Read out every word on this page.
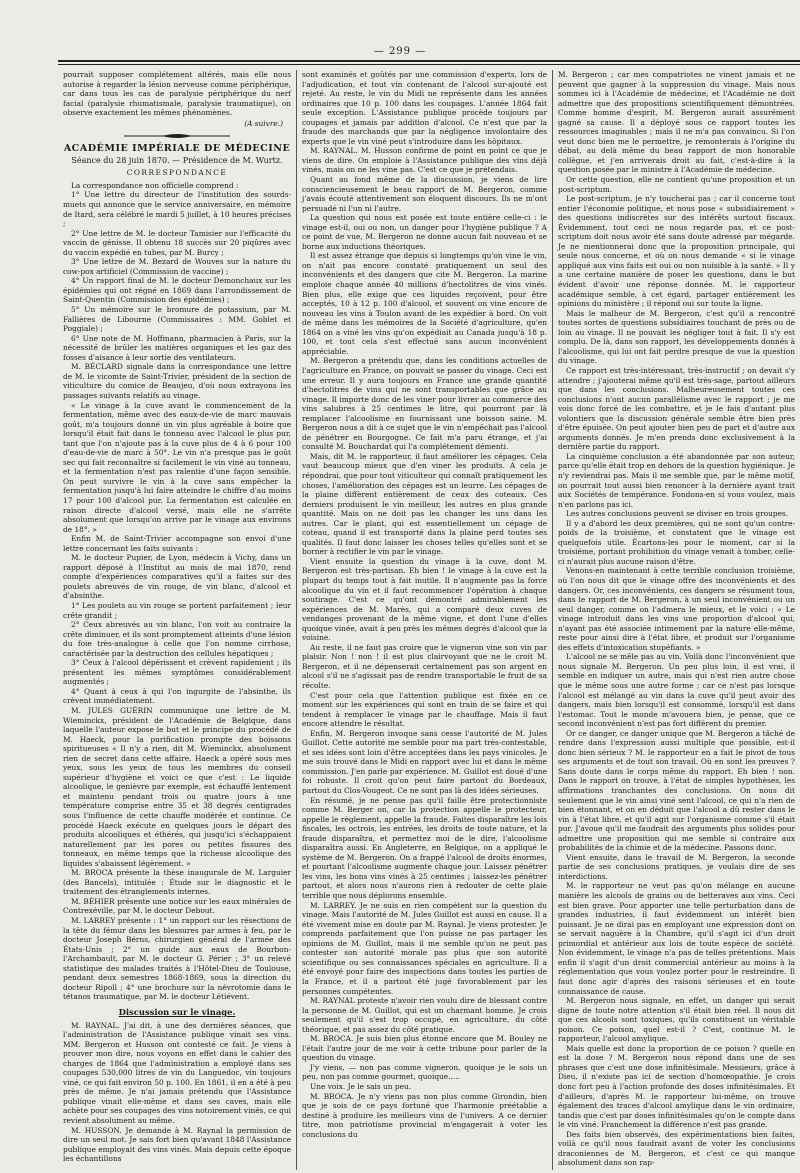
— 299 —

pourrait supposer complétement altérés, mais elle nous autorise à regarder la lésion nerveuse comme périphérique, car dans tous les cas de paralysie périphérique du nerf facial (paralysie rhumatismale, paralysie traumatique), on observe exactement les mêmes phénomènes.

(A suivre.)
ACADÉMIE IMPÉRIALE DE MÉDECINE
Séance du 28 juin 1870. — Présidence de M. Wurtz.
CORRESPONDANCE

La correspondance non officielle comprend :

1° Une lettre du directeur de l'institution des sourds-muets qui annonce que le service anniversaire, en mémoire de Itard, sera célébré le mardi 5 juillet, à 10 heures précises ;

2° Une lettre de M. le docteur Tamisier sur l'efficacité du vaccin de génisse. Il obtenu 18 succès sur 20 piqûres avec du vaccin expédié en tubes, par M. Burcy ;

3° Une lettre de M. Bezard de Wouves sur la nature du cow-pox artificiel (Commission de vaccine) ;

4° Un rapport final de M. le docteur Demonchaux sur les épidémies qui ont régné en 1869 dans l'arrondissement de Saint-Quentin (Commission des épidémies) ;

5° Un mémoire sur le bromure de potassium, par M. Fallières de Libourne (Commissaires : MM. Goblet et Poggiale) ;

6° Une note de M. Hoffmann, pharmacien à Paris, sur la nécessité de brûler les matières organiques et les gaz des fosses d'aisance à leur sortie des ventilateurs.

M. BÉCLARD signale dans la correspondance une lettre de M. le vicomte de Saint-Trivier, président de la section de viticulture du comice de Beaujeu, d'où nous extrayons les passages suivants relatifs au vinage.

« Le vinage à la cuve avant le commencement de la fermentation, même avec des eaux-de-vie de marc mauvais goût, m'a toujours donné un vin plus agréable à boire que lorsqu'il était fait dans le tonneau avec l'alcool le plus pur, tant que l'on n'ajoute pas à la cuve plus de 4 à 6 pour 100 d'eau-de-vie de marc à 50°. Le vin n'a presque pas le goût sec qui fait reconnaître si facilement le vin viné au tonneau, et la fermentation n'est pas ralentie d'une façon sensible. On peut survivre le vin à la cuve sans empêcher la fermentation jusqu'à lui faire atteindre le chiffre d'au moins 17 pour 100 d'alcool pur. La fermentation est calculée en raison directe d'alcool versé, mais elle ne s'arrête absolument que lorsqu'on arrive par le vinage aux environs de 18°. »

Enfin M. de Saint-Trivier accompagne son envoi d'une lettre concernant les faits suivants :

M. le docteur Pupier, de Lyon, médecin à Vichy, dans un rapport déposé à l'Institut au mois de mai 1870, rend compte d'expériences comparatives qu'il a faites sur des poulets abreuvés de vin rouge, de vin blanc, d'alcool et d'absinthe.

1° Les poulets au vin rouge se portent parfaitement ; leur crête grandit ;

2° Ceux abreuvés au vin blanc, l'on voit au contraire la crête diminuer, et ils sont promptement atteints d'une lésion du foie très-analogue à celle que l'on nomme cirrhose, caractérisée par la destruction des cellules hépatiques ;

3° Ceux à l'alcool dépérissent et crèvent rapidement ; ils présentent les mêmes symptômes considérablement augmentés ;

4° Quant à ceux à qui l'on ingurgite de l'absinthe, ils crèvent immédiatement.

M. JULES GUÉRIN communique une lettre de M. Wieminckx, président de l'Académie de Belgique, dans laquelle l'auteur expose le but et le principe du procédé de M. Haeck, pour la purification prompte des boissons spiritueuses « Il n'y a rien, dit M. Wieminckx, absolument rien de secret dans cette affaire. Haeck a opéré sous mes yeux, sous les yeux de tous les membres du conseil supérieur d'hygiène et voici ce que c'est : Le liquide alcoolique, le genièvre par exemple, est échauffé lentement et maintenu pendant trois ou quatre jours à une température comprise entre 35 et 38 degrés centigrades sous l'influence de cette chauffe modérée et continue. Ce procédé Haeck exécute en quelques jours le départ des produits alcooliques et éthérés, qui jusqu'ici s'échappaient naturellement par les pores ou petites fissures des tonneaux, en même temps que la richesse alcoolique des liquides s'abaissent légèrement. »

M. BROCA présente la thèse inaugurale de M. Larguier (des Bancels), intitulée : Étude sur le diagnostic et le traitement des étranglements internes.

M. BÉHIER présente une notice sur les eaux minérales de Contrexéville, par M. le docteur Debout.

M. LARREY présente : 1° un rapport sur les résections de la tête du fémur dans les blessures par armes à feu, par le docteur Joseph Bérns, chirurgien général de l'armée des États-Unis ; 2° un guide aux eaux de Bourbon-l'Archambault, par M. le docteur G. Périer ; 3° un relevé statistique des malades traités à l'Hôtel-Dieu de Toulouse, pendant deux semestres 1868-1869, sous la direction du docteur Ripoll ; 4° une brochure sur la névrotomie dans le tétanos traumatique, par M. le docteur Létiévent.

Discussion sur le vinage.

M. RAYNAL. J'ai dit, à une des dernières séances, que l'administration de l'Assistance publique vinait ses vins. MM. Bergeron et Husson ont contesté ce fait. Je viens à prouver mon dire, nous voyons en effet dans le cahier des charges de 1864 que l'administration a employé dans ses coupages 530,000 litres de vin du Languedoc, vin toujours viné, ce qui fait environ 50 p. 100. En 1861, il en a été à peu près de même. Je n'ai jamais prétendu que l'Assistance publique vinait elle-même et dans ses caves, mais elle achète pour ses coupages des vins notoirement vinés, ce qui revient absolument au même.

M. HUSSON. Je demande à M. Raynal la permission de dire un seul mot. Je sais fort bien qu'avant 1848 l'Assistance publique employait des vins vinés. Mais depuis cette époque les échantillons

sont examinés et goûtés par une commission d'experts, lors de l'adjudication, et tout vin contenant de l'alcool sur-ajouté est rejeté. Au reste, le vin du Midi ne représente dans les années ordinaires que 10 p. 100 dans les coupages. L'année 1864 fait seule exception. L'Assistance publique procède toujours par coupages et jamais par addition d'alcool. Ce n'est que par la fraude des marchands que par la négligence involontaire des experts que le vin viné peut s'introduire dans les hôpitaux.

M. RAYNAL. M. Husson confirme de point en point ce que je viens de dire. On emploie à l'Assistance publique des vins déjà vinés, mais on ne les vine pas. C'est ce que je prétendais.

Quant au fond même de la discussion, je viens de lire consciencieusement le beau rapport de M. Bergeron, comme j'avais écouté attentivement son éloquent discours. Ils ne m'ont persuadé ni l'un ni l'autre.

La question qui nous est posée est toute entière celle-ci : le vinage est-il, oui ou non, un danger pour l'hygiène publique ? A ce point de vue, M. Bergeron ne donne aucun fait nouveau et se borne aux inductions théoriques.

Il est assez étrange que depuis si longtemps qu'on vine le vin, on n'ait pas encore constaté pratiquement un seul des inconvénients et des dangers que cite M. Bergeron. La marine emploie chaque année 40 millions d'hectolitres de vins vinés. Bien plus, elle exige que ces liquides reçoivent, pour être acceptés, 10 à 12 p. 100 d'alcool, et souvent on vine encore de nouveau les vins à Toulon avant de les expédier à bord. On voit de même dans les mémoires de la Société d'agriculture, qu'en 1864 on a viné les vins qu'on expédiait au Canada jusqu'à 18 p. 100, et tout cela s'est effectué sans aucun inconvénient appréciable.

M. Bergeron a prétendu que, dans les conditions actuelles de l'agriculture en France, on pouvait se passer du vinage. Ceci est une erreur. Il y aura toujours en France une grande quantité d'hectolitres de vins qui ne sont transportables que grâce au vinage. Il importe donc de les viner pour livrer au commerce des vins salubres à 25 centimes le litre, qui pourront par là remplacer l'alcoolisme en fournissant une boisson saine. M. Bergeron nous a dit à ce sujet que le vin n'empêchait pas l'alcool de pénétrer en Bourgogne. Ce fait m'a paru étrange, et j'ai consulté M. Bouchardat qui l'a complétement démenti.

Mais, dit M. le rapporteur, il faut améliorer les cépages. Cela vaut beaucoup mieux que d'en viner les produits. A cela je répondrai, que pour tout viticulteur qui connaît pratiquement les choses, l'amélioration des cépages est un leurre. Les cépages de la plaine diffèrent entièrement de ceux des coteaux. Ces derniers produisent le vin meilleur, les autres en plus grande quantité. Mais on ne doit pas les changer les uns dans les autres. Car le plant, qui est essentiellement un cépage de coteau, quand il est transporté dans la plaine perd toutes ses qualités. Il faut donc laisser les choses telles qu'elles sont et se borner à rectifier le vin par le vinage.

Vient ensuite la question du vinage à la cuve, dont M. Bergeron est très-partisan. Eh bien ! le vinage à la cuve est la plupart du temps tout à fait inutile. Il n'augmente pas la force alcoolique du vin et il faut recommencer l'opération à chaque soutirage. C'est ce qu'ont démontré admirablement les expériences de M. Marès, qui a comparé deux cuves de vendanges provenant de la même vigne, et dont l'une d'elles quoique vinée, avait à peu près les mêmes degrés d'alcool que la voisine.

Au reste, il ne faut pas croire que le vigneron vine son vin par plaisir. Non ! non ! il est plus clairvoyant que ne le croit M. Bergeron, et il ne dépenserait certainement pas son argent en alcool s'il ne s'agissait pas de rendre transportable le fruit de sa récolte.

C'est pour cela que l'attention publique est fixée en ce moment sur les expériences qui sont en train de se faire et qui tendent à remplacer le vinage par le chauffage. Mais il faut encore attendre le résultat.

Enfin, M. Bergeron invoque sans cesse l'autorité de M. Jules Guillot. Cette autorité me semble pour ma part très-contestable, et ses idées sont loin d'être acceptées dans les pays vinicoles. Je me suis trouvé dans le Midi en rapport avec lui et dans le même commission. J'en parle par expérience. M. Guillot est doué d'une foi robuste. Il croit qu'on peut faire partout du Bordeaux, partout du Clos-Vougeot. Ce ne sont pas là des idées sérieuses.

En résumé, je ne pense pas qu'il faille être protectionniste comme M. Berger on, car la protection appelle le protecteur, appelle le règlement, appelle la fraude. Faites disparaître les lois fiscales, les octrois, les entrées, les droits de toute nature, et la fraude disparaîtra, et permettez moi de le dire, l'alcoolisme disparaîtra aussi. En Angleterre, en Belgique, on a appliqué le système de M. Bergeron. On a frappé l'alcool de droits énormes, et pourtant l'alcoolisme augmente chaque jour. Laissez pénétrer les vins, les bons vins vinés à 25 centimes ; laissez-les pénétrer partout, et alors nous n'aurons rien à redouter de cette plaie terrible que nous déplorons ensemble.

M. LARREY. Je ne suis en rien compétent sur la question du vinage. Mais l'autorité de M. Jules Guillot est aussi en cause. Il a été vivement mise en doute par M. Raynal. Je viens protester. Je comprends parfaitement que l'on puisse ne pas partager les opinions de M. Guillot, mais il me semble qu'on ne peut pas contester son autorité morale pas plus que son autorité scientifique ou ses connaissances spéciales en agriculture. Il a été envoyé pour faire des inspections dans toutes les parties de la France, et il a partout été jugé favorablement par les personnes compétentes.

M. RAYNAL proteste n'avoir rien voulu dire de blessant contre la personne de M. Guillot, qui est un charmant homme. Je crois seulement qu'il s'est trop occupé, en agriculture, du côté théorique, et pas assez du côté pratique.

M. BROCA. Je suis bien plus étonné encore que M. Bouley ne l'était l'autre jour de me voir à cette tribune pour parler de la question du vinage.

J'y viens, — non pas comme vigneron, quoique je le sois un peu, non pas comme gourmet, quoique.....

Une voix. Je le sais un peu.

M. BROCA. Je n'y viens pas non plus comme Girondin, bien que je sois de ce pays fortuné que l'harmonie préétablie a destiné à produire les meilleurs vins de l'univers. A ce dernier titre, mon patriotisme provincial m'engagerait à voter les conclusions du

M. Bergeron ; car mes compatriotes ne vinent jamais et ne peuvent que gagner à la suppression du vinage. Mais nous sommes ici à l'Académie de médecine, et l'Académie ne doit admettre que des propositions scientifiquement démontrées. Comme homme d'esprit, M. Bergeron aurait assurément gagné sa cause. Il a déployé sous ce rapport toutes les ressources imaginables ; mais il ne m'a pas convaincu. Si l'on veut donc bien me le permettre, je remonterais à l'origine du débat, au delà même du beau rapport de mon honorable collègue, et j'en arriverais droit au fait, c'est-à-dire à la question posée par le ministre à l'Académie de médecine.

Or cette question, elle ne contient qu'une proposition et un post-scriptum.

Le post-scriptum, je n'y toucherai pas ; car il concerne tout entier l'économie politique, et nous pose « subsidiairement » des questions indiscrètes sur des intérêts surtout fiscaux. Évidemment, tout ceci ne nous regarde pas, et ce post-scriptum doit nous avoir été sans doute adressé par mégarde. Je ne mentionnerai donc que la proposition principale, qui seule nous concerne, et où on nous demande « si le vinage appliqué aux vins faits est oui ou non nuisible à la santé. » Il y a une certaine manière de poser les questions, dans le but évident d'avoir une réponse donnée. M. le rapporteur académique semble, à cet égard, partager entièrement les opinions du ministère ; il répond oui sur toute la ligne.

Mais le malheur de M. Bergeron, c'est qu'il a rencontré toutes sortes de questions subsidiaires touchant de près ou de loin au vinage. Il ne pouvait les négliger tout à fait. Il s'y est complu. De là, dans son rapport, les développements donnés à l'alcoolisme, qui lui ont fait perdre presque de vue la question du vinage.

Ce rapport est très-intéressant, très-instructif ; on devait s'y attendre ; j'ajouterai même qu'il est très-sage, partout ailleurs que dans les conclusions. Malheureusement toutes ces conclusions n'ont aucun parallélisme avec le rapport ; je me vois donc forcé de les combattre, et je le fais d'autant plus volontiers que la discussion générale semble être bien près d'être épuisée. On peut ajouter bien peu de part et d'autre aux arguments donnés. Je m'en prends donc exclusivement à la dernière partie du rapport.

La cinquième conclusion a été abandonnée par son auteur, parce qu'elle était trop en dehors de la question hygiénique. Je n'y reviendrai pas. Mais il me semble que, par le même motif, on pourrait tout aussi bien renoncer à la dernière ayant trait aux Sociétés de tempérance. Fondons-en si vous voulez, mais n'en parlons pas ici.

Les autres conclusions peuvent se diviser en trois groupes.

Il y a d'abord les deux premières, qui ne sont qu'un contre-poids de la troisième, et constatent que le vinage est quelquefois utile. Écartons-les pour le moment, car si la troisième, portant prohibition du vinage venait à tomber, celle-ci n'aurait plus aucune raison d'être.

Venons-en maintenant à cette terrible conclusion troisième, où l'on nous dit que le vinage offre des inconvénients et des dangers. Or, ces inconvénients, ces dangers se résument tous, dans le rapport de M. Bergeron, à un seul inconvénient ou un seul danger, comme on l'admera le mieux, et le voici : « Le vinage introduit dans les vins une proportion d'alcool qui, n'ayant pas été associée intimement par la nature elle-même, reste pour ainsi dire à l'état libre, et produit sur l'organisme des effets d'intoxication stupéfiants. »

L'alcool ne se mêle pas au vin. Voilà donc l'inconvénient que nous signale M. Bergeron. Un peu plus loin, il est vrai, il semble en indiquer un autre, mais qui n'est rien autre chose que le même sous une autre forme ; car ce n'est pas lorsque l'alcool est mélangé au vin dans la cuve qu'il peut avoir des dangers, mais bien lorsqu'il est consommé, lorsqu'il est dans l'estomac. Tout le monde m'avouera bien, je pense, que ce second inconvénient n'est pas fort différent du premier.

Or ce danger, ce danger unique que M. Bergeron a tâché de rendre dans l'expression aussi multiple que possible, est-il donc bien sérieux ? M. le rapporteur en a fait le pivot de tous ses arguments et de tout son travail. Où en sont les preuves ? Sans doute dans le corps même du rapport. Eh bien ! non. Dans le rapport on trouve, à l'état de simples hypothèses, les affirmations tranchantes des conclusions. On nous dit seulement que le vin ainsi viné sent l'alcool, ce qui n'a rien de bien étonnant, et on en déduit que l'alcool a dû rester dans le vin à l'état libre, et qu'il agit sur l'organisme comme s'il était pur. J'avoue qu'il me faudrait des arguments plus solides pour admettre une proposition qui me semble si contraire aux probabilités de la chimie et de la médecine. Passons donc.

Vient ensuite, dans le travail de M. Bergeron, la seconde partie de ses conclusions pratiques, je voulais dire de ses interdictions.

M. le rapporteur ne veut pas qu'on mélange en aucune manière les alcools de grains ou de betteraves aux vins. Ceci est bien grave. Pour apporter une telle perturbation dans de grandes industries, il faut évidemment un intérêt bien puissant. Je ne dirai pas en employant une expression dont on se servait naguère à la Chambre, qu'il s'agit ici d'un droit primordial et antérieur aux lois de toute espèce de société. Non évidemment, le vinage n'a pas de telles prétentions. Mais enfin il s'agit d'un droit commercial antérieur au moins à la réglementation que vous voulez porter pour le restreindre. Il faut donc agir d'après des raisons sérieuses et en toute connaissance de cause.

M. Bergeron nous signale, en effet, un danger qui serait digne de toute notre attention s'il était bien réel. Il nous dit que ces alcools sont toxiques, qu'ils constituent un véritable poison. Ce poison, quel est-il ? C'est, continue M. le rapporteur, l'alcool amylique.

Mais quelle est donc la proportion de ce poison ? quelle en est la dose ? M. Bergeron nous répond dans une de ses phrases que c'est une dose infinitésimale. Messieurs, grâce à Dieu, il n'existe pas ici de section d'homœopathie. Je crois donc fort peu à l'action profonde des doses infinitésimales. Et d'ailleurs, d'après M. le rapporteur lui-même, on trouve également des traces d'alcool amylique dans le vin ordinaire, tandis que c'est par doses infinitésimales qu'on le compte dans le vin viné. Franchement la différence n'est pas grande.

Des faits bien observés, des expérimentations bien faites, voilà ce qu'il nous faudrait avant de voter les conclusions draconiennes de M. Bergeron, et c'est ce qui manque absolument dans son rap-
